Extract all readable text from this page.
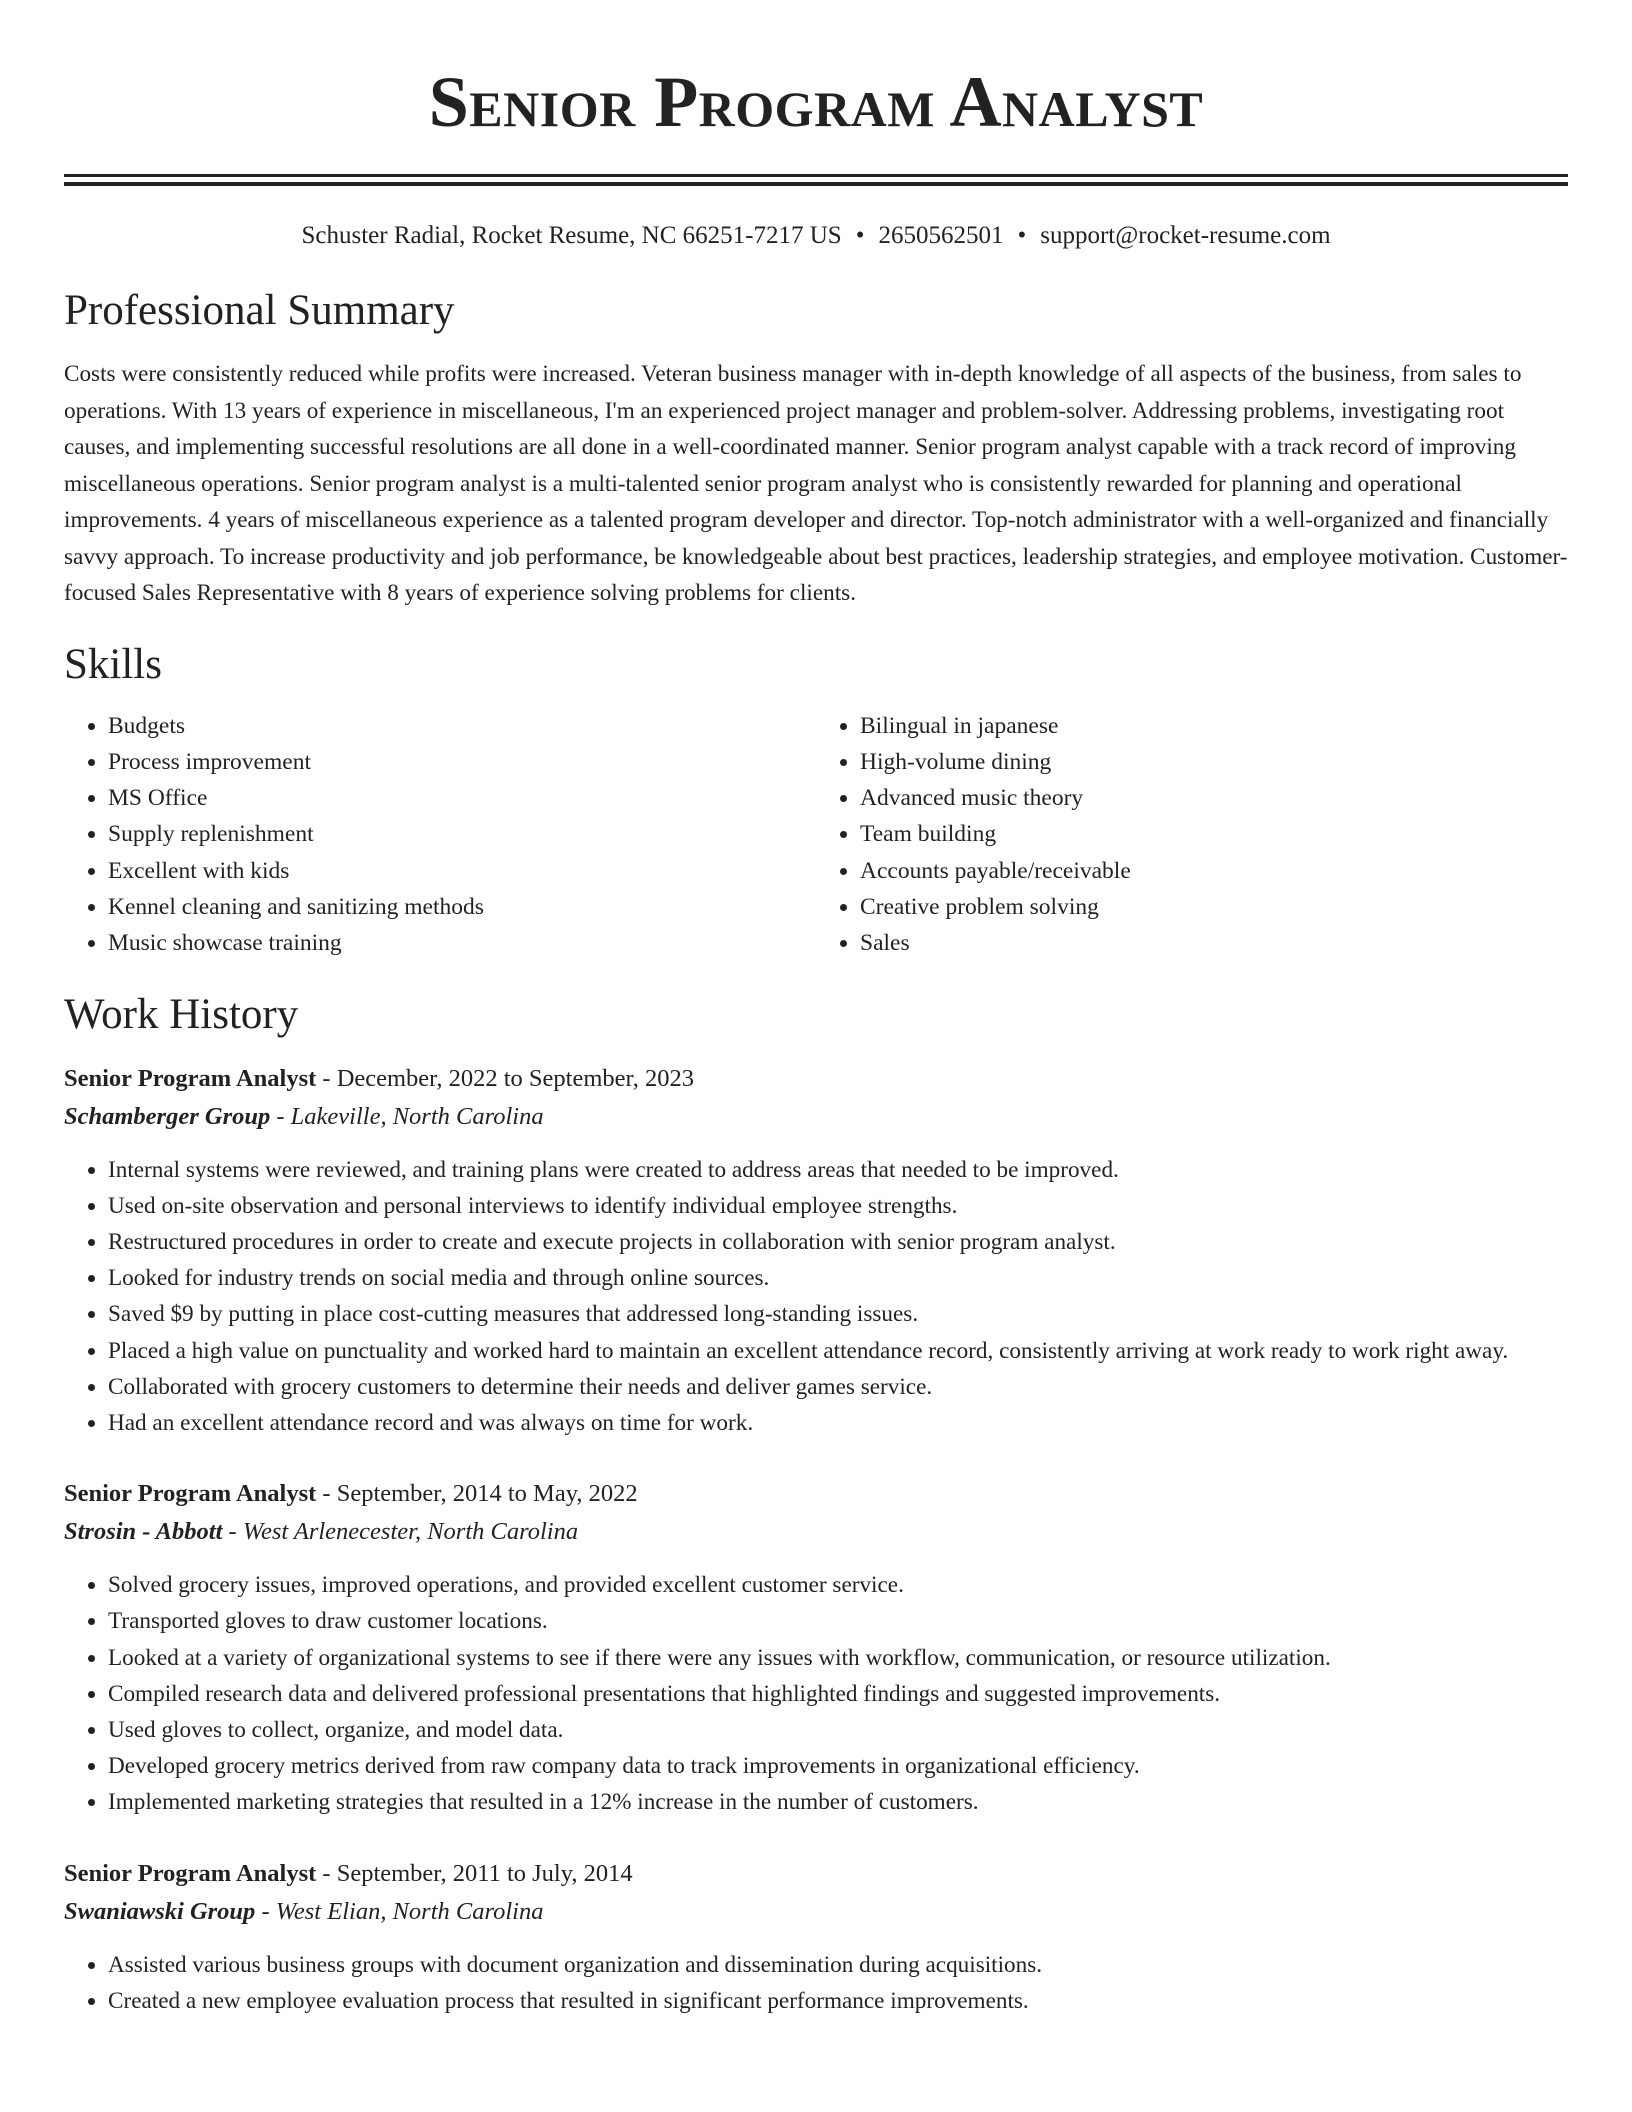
Senior Program Analyst
Schuster Radial, Rocket Resume, NC 66251-7217 US • 2650562501 • support@rocket-resume.com
Professional Summary

Costs were consistently reduced while profits were increased. Veteran business manager with in-depth knowledge of all aspects of the business, from sales to operations. With 13 years of experience in miscellaneous, I'm an experienced project manager and problem-solver. Addressing problems, investigating root causes, and implementing successful resolutions are all done in a well-coordinated manner. Senior program analyst capable with a track record of improving miscellaneous operations. Senior program analyst is a multi-talented senior program analyst who is consistently rewarded for planning and operational improvements. 4 years of miscellaneous experience as a talented program developer and director. Top-notch administrator with a well-organized and financially savvy approach. To increase productivity and job performance, be knowledgeable about best practices, leadership strategies, and employee motivation. Customer-focused Sales Representative with 8 years of experience solving problems for clients.

Skills
• Budgets
• Process improvement
• MS Office
• Supply replenishment
• Excellent with kids
• Kennel cleaning and sanitizing methods
• Music showcase training
• Bilingual in japanese
• High-volume dining
• Advanced music theory
• Team building
• Accounts payable/receivable
• Creative problem solving
• Sales
Work History
Senior Program Analyst - December, 2022 to September, 2023
Schamberger Group - Lakeville, North Carolina
• Internal systems were reviewed, and training plans were created to address areas that needed to be improved.
• Used on-site observation and personal interviews to identify individual employee strengths.
• Restructured procedures in order to create and execute projects in collaboration with senior program analyst.
• Looked for industry trends on social media and through online sources.
• Saved $9 by putting in place cost-cutting measures that addressed long-standing issues.
• Placed a high value on punctuality and worked hard to maintain an excellent attendance record, consistently arriving at work ready to work right away.
• Collaborated with grocery customers to determine their needs and deliver games service.
• Had an excellent attendance record and was always on time for work.
Senior Program Analyst - September, 2014 to May, 2022
Strosin - Abbott - West Arlenecester, North Carolina
• Solved grocery issues, improved operations, and provided excellent customer service.
• Transported gloves to draw customer locations.
• Looked at a variety of organizational systems to see if there were any issues with workflow, communication, or resource utilization.
• Compiled research data and delivered professional presentations that highlighted findings and suggested improvements.
• Used gloves to collect, organize, and model data.
• Developed grocery metrics derived from raw company data to track improvements in organizational efficiency.
• Implemented marketing strategies that resulted in a 12% increase in the number of customers.
Senior Program Analyst - September, 2011 to July, 2014
Swaniawski Group - West Elian, North Carolina
• Assisted various business groups with document organization and dissemination during acquisitions.
• Created a new employee evaluation process that resulted in significant performance improvements.
